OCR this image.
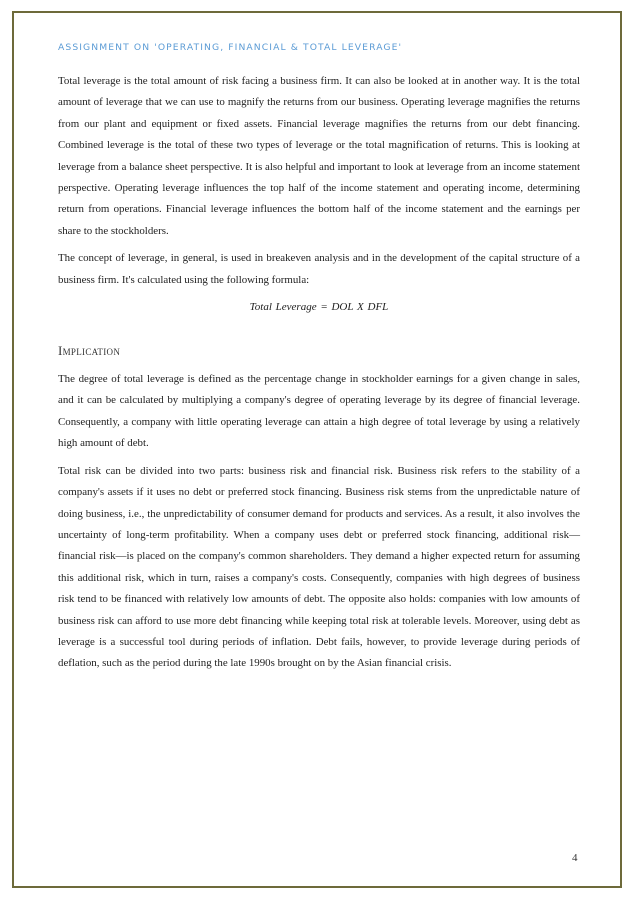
ASSIGNMENT ON 'OPERATING, FINANCIAL & TOTAL LEVERAGE'

Total leverage is the total amount of risk facing a business firm. It can also be looked at in another way. It is the total amount of leverage that we can use to magnify the returns from our business. Operating leverage magnifies the returns from our plant and equipment or fixed assets. Financial leverage magnifies the returns from our debt financing. Combined leverage is the total of these two types of leverage or the total magnification of returns. This is looking at leverage from a balance sheet perspective. It is also helpful and important to look at leverage from an income statement perspective. Operating leverage influences the top half of the income statement and operating income, determining return from operations. Financial leverage influences the bottom half of the income statement and the earnings per share to the stockholders.

The concept of leverage, in general, is used in breakeven analysis and in the development of the capital structure of a business firm. It's calculated using the following formula:

Total Leverage = DOL X DFL
Implication

The degree of total leverage is defined as the percentage change in stockholder earnings for a given change in sales, and it can be calculated by multiplying a company's degree of operating leverage by its degree of financial leverage. Consequently, a company with little operating leverage can attain a high degree of total leverage by using a relatively high amount of debt.

Total risk can be divided into two parts: business risk and financial risk. Business risk refers to the stability of a company's assets if it uses no debt or preferred stock financing. Business risk stems from the unpredictable nature of doing business, i.e., the unpredictability of consumer demand for products and services. As a result, it also involves the uncertainty of long-term profitability. When a company uses debt or preferred stock financing, additional risk—financial risk—is placed on the company's common shareholders. They demand a higher expected return for assuming this additional risk, which in turn, raises a company's costs. Consequently, companies with high degrees of business risk tend to be financed with relatively low amounts of debt. The opposite also holds: companies with low amounts of business risk can afford to use more debt financing while keeping total risk at tolerable levels. Moreover, using debt as leverage is a successful tool during periods of inflation. Debt fails, however, to provide leverage during periods of deflation, such as the period during the late 1990s brought on by the Asian financial crisis.

4
